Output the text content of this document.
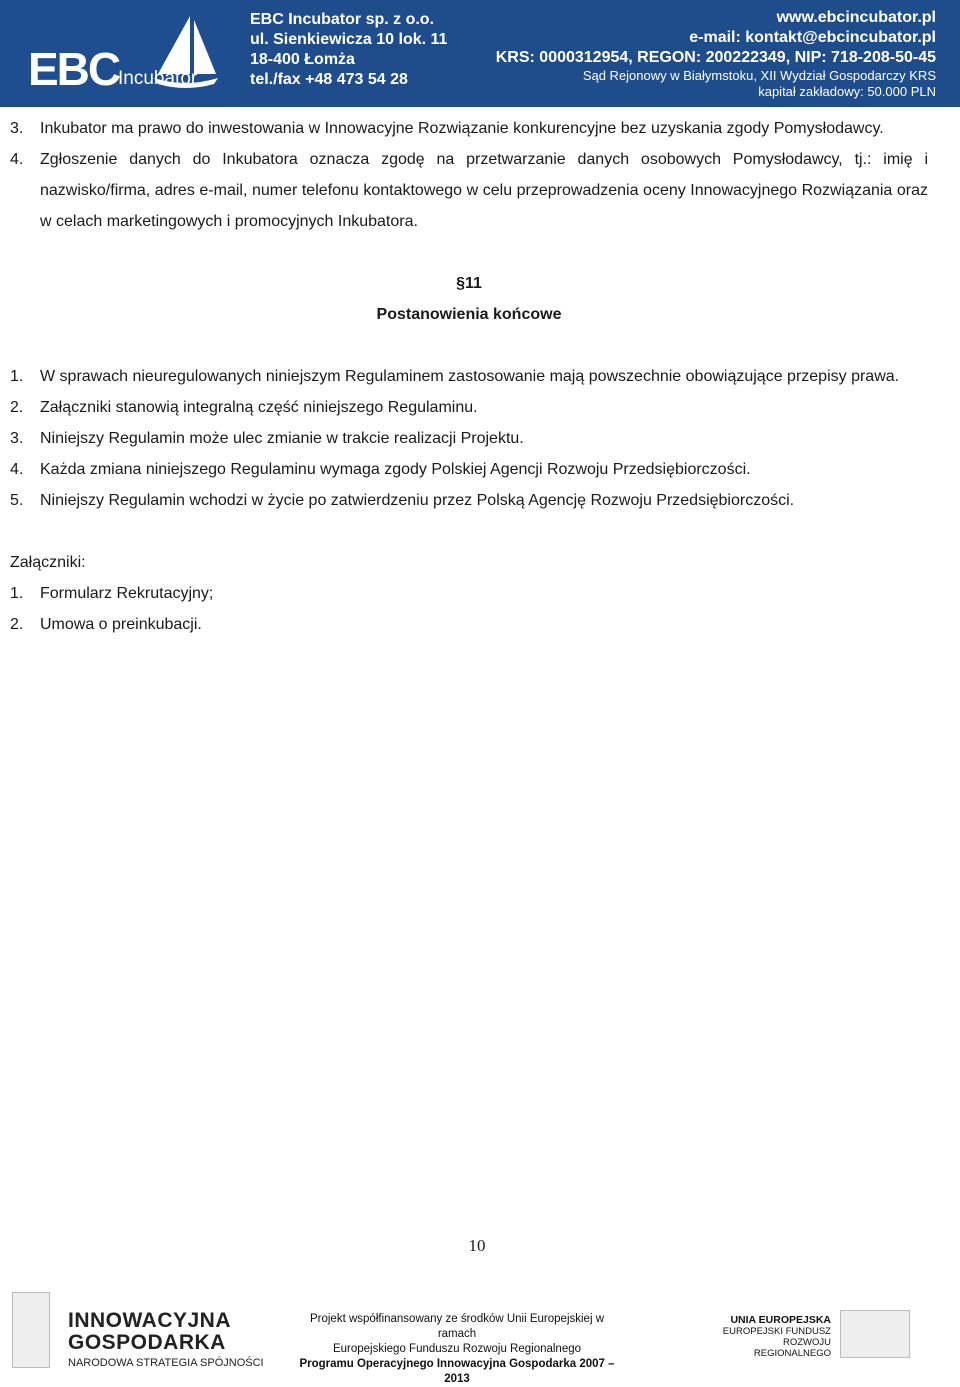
EBC
Incubator
EBC Incubator sp. z o.o.
ul. Sienkiewicza 10 lok. 11
18-400 Łomża
tel./fax +48 473 54 28
www.ebcincubator.pl
e-mail: kontakt@ebcincubator.pl
KRS: 0000312954, REGON: 200222349, NIP: 718-208-50-45
Sąd Rejonowy w Białymstoku, XII Wydział Gospodarczy KRS
kapitał zakładowy: 50.000 PLN
3. Inkubator ma prawo do inwestowania w Innowacyjne Rozwiązanie konkurencyjne bez uzyskania zgody Pomysłodawcy.
4. Zgłoszenie danych do Inkubatora oznacza zgodę na przetwarzanie danych osobowych Pomysłodawcy, tj.: imię i nazwisko/firma, adres e-mail, numer telefonu kontaktowego w celu przeprowadzenia oceny Innowacyjnego Rozwiązania oraz w celach marketingowych i promocyjnych Inkubatora.
§11
Postanowienia końcowe
1. W sprawach nieuregulowanych niniejszym Regulaminem zastosowanie mają powszechnie obowiązujące przepisy prawa.
2. Załączniki stanowią integralną część niniejszego Regulaminu.
3. Niniejszy Regulamin może ulec zmianie w trakcie realizacji Projektu.
4. Każda zmiana niniejszego Regulaminu wymaga zgody Polskiej Agencji Rozwoju Przedsiębiorczości.
5. Niniejszy Regulamin wchodzi w życie po zatwierdzeniu przez Polską Agencję Rozwoju Przedsiębiorczości.
Załączniki:
1. Formularz Rekrutacyjny;
2. Umowa o preinkubacji.
10
INNOWACYJNA
GOSPODARKA
NARODOWA STRATEGIA SPÓJNOŚCI
Projekt współfinansowany ze środków Unii Europejskiej w ramach
Europejskiego Funduszu Rozwoju Regionalnego
Programu Operacyjnego Innowacyjna Gospodarka 2007 – 2013
UNIA EUROPEJSKA
EUROPEJSKI FUNDUSZ
ROZWOJU REGIONALNEGO
